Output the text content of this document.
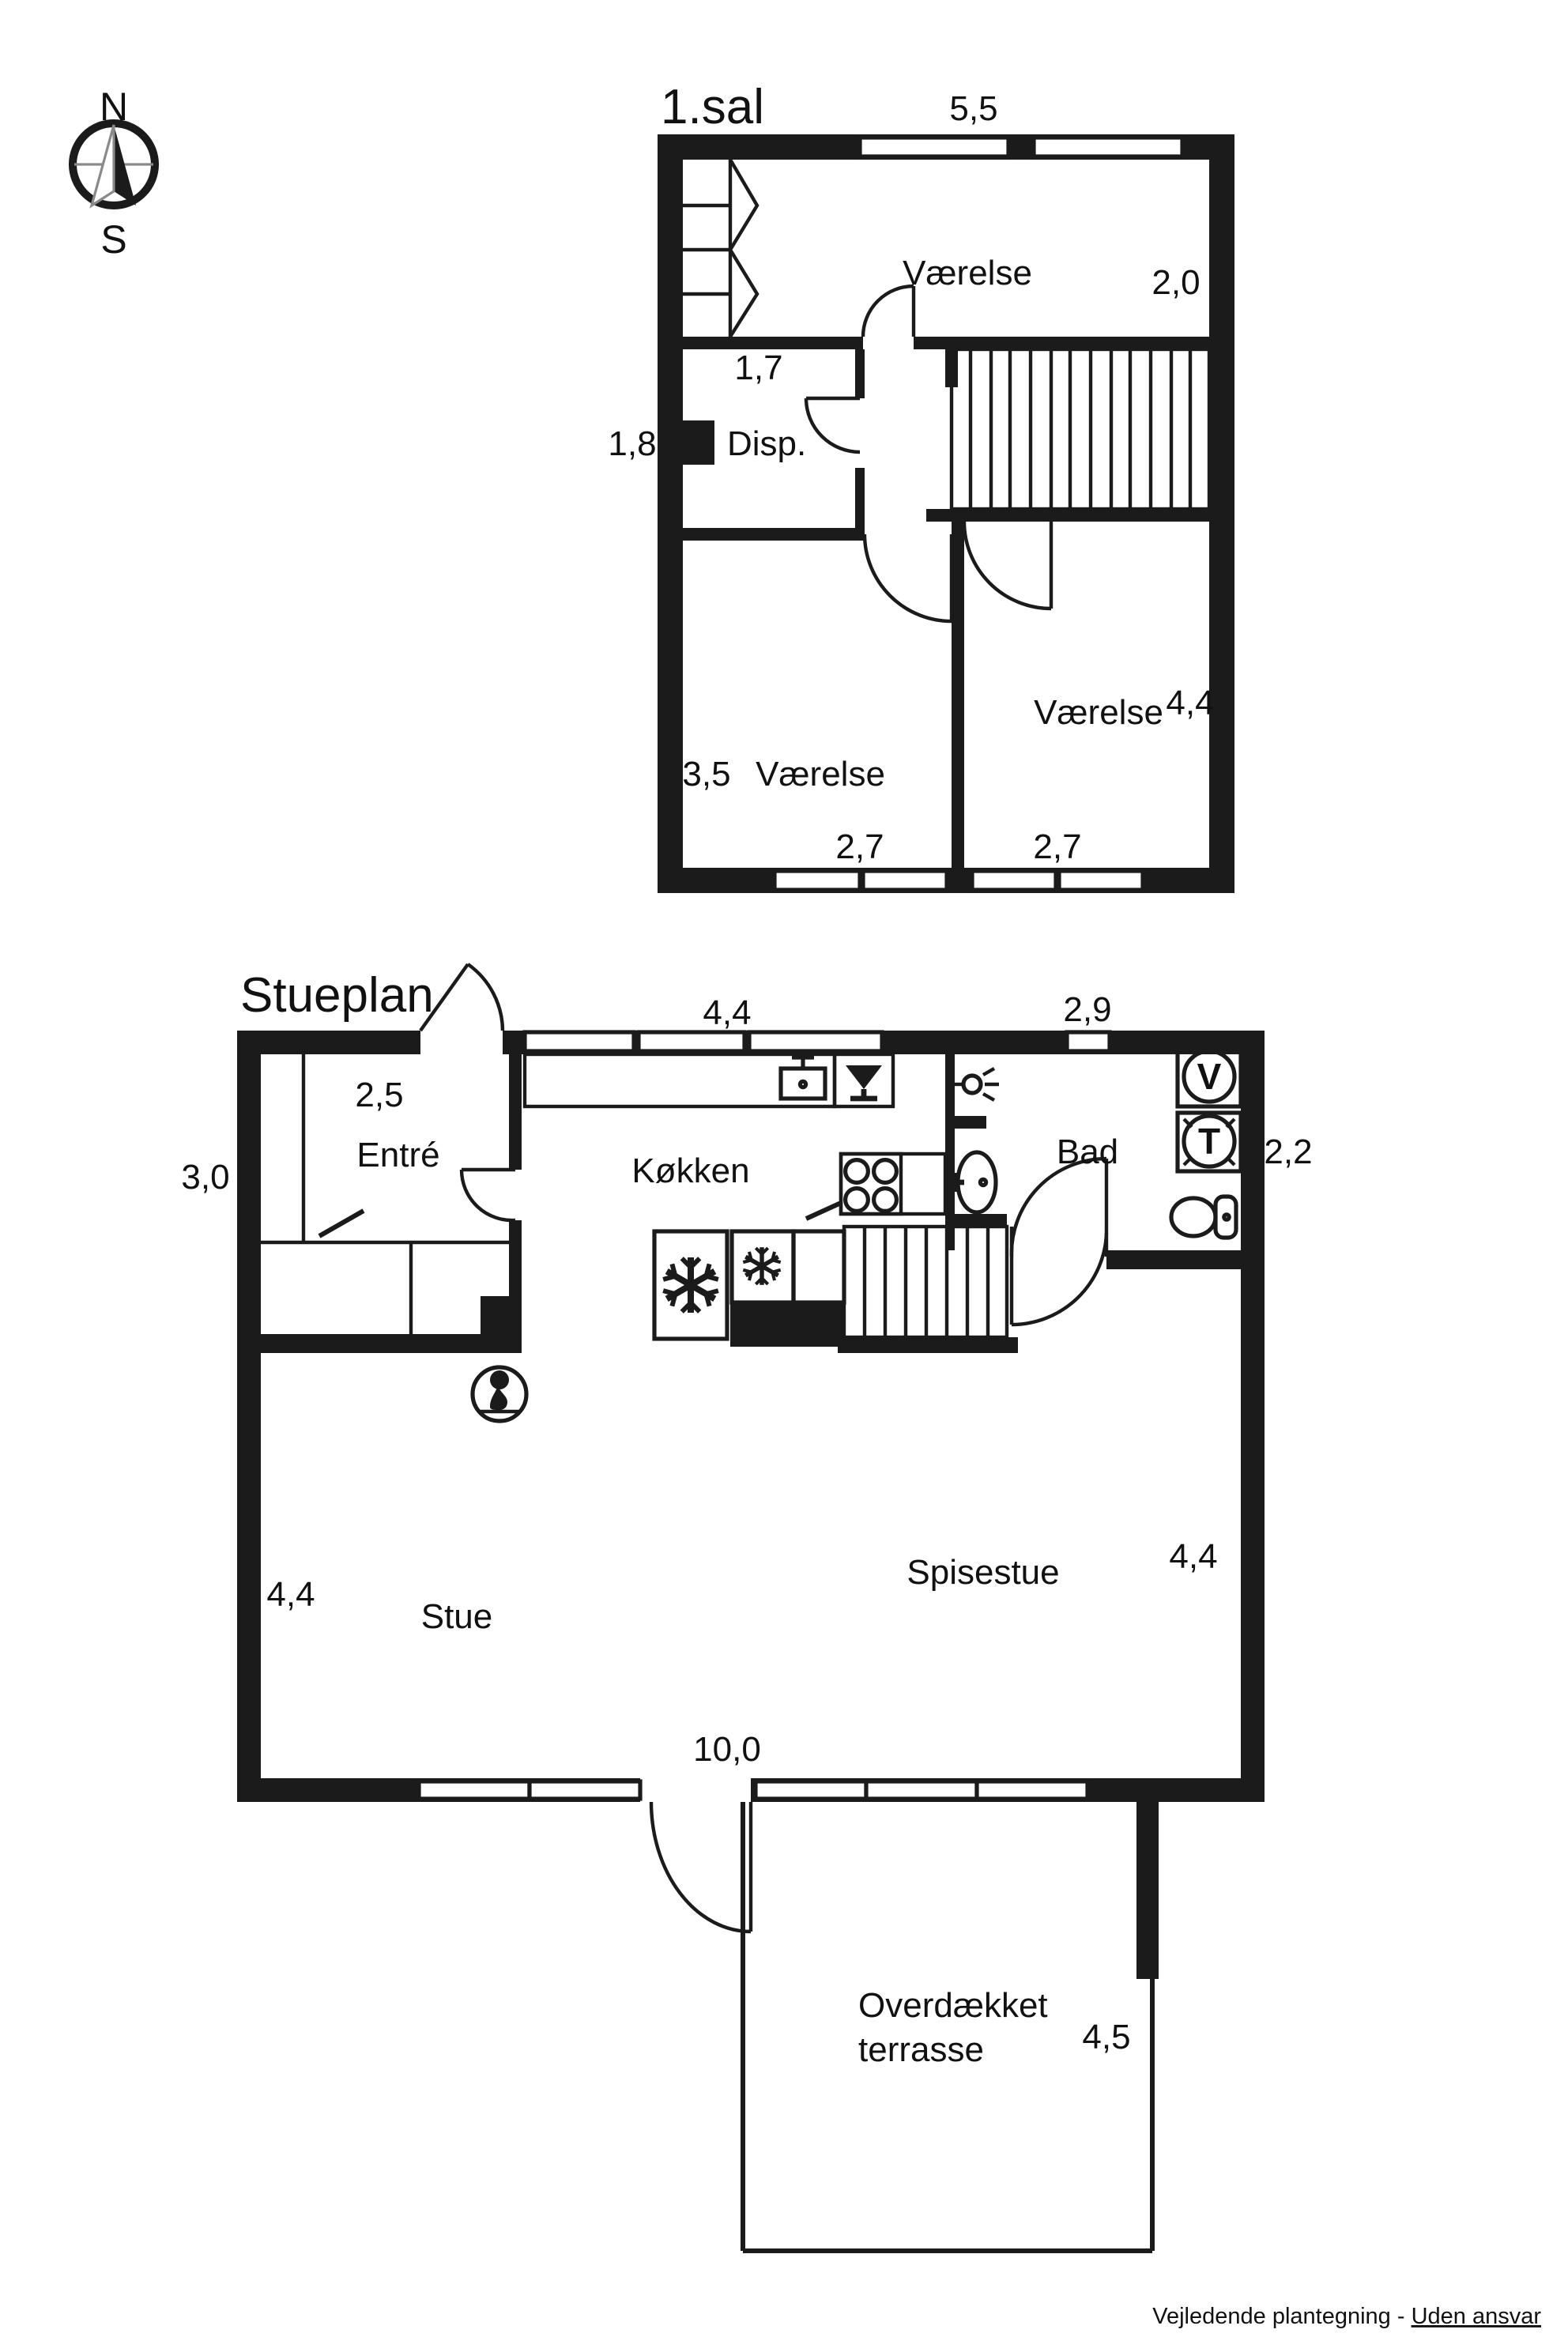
N
S
1.sal	5,5
Værelse	2,0
1,7
1,8	Disp.
3,5 Værelse
Værelse 4,4
2,7	2,7
Stueplan
V
T
2,5
4,4	2,9
3,0
Entré	Køkken	Bad	2,2
4,4
Stue
Spisestue	4,4
10,0
Overdækket
terrasse	4,5
Vejledende plantegning - Uden ansvar
